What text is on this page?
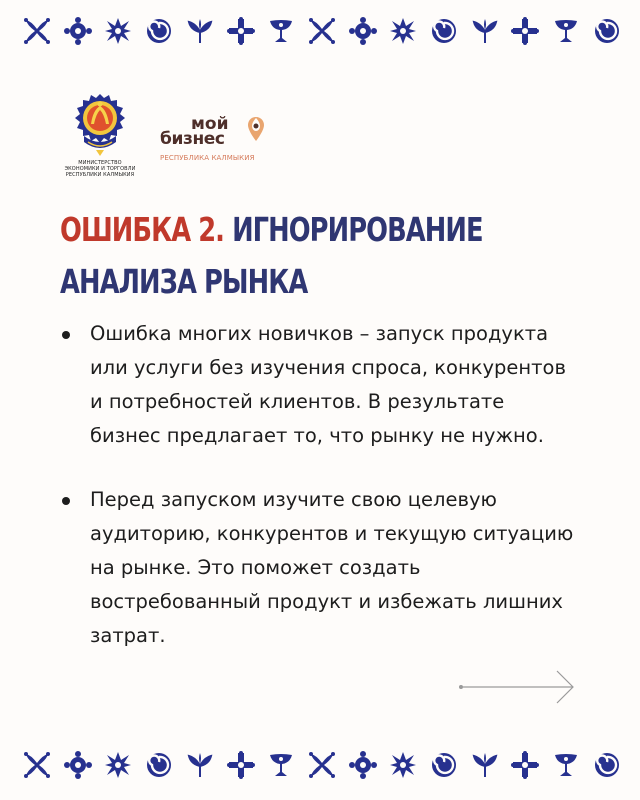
МИНИСТЕРСТВО
ЭКОНОМИКИ И ТОРГОВЛИ
РЕСПУБЛИКИ КАЛМЫКИЯ
мой
бизнес
РЕСПУБЛИКА КАЛМЫКИЯ
ОШИБКА 2. ИГНОРИРОВАНИЕ
АНАЛИЗА РЫНКА
Ошибка многих новичков – запуск продукта или услуги без изучения спроса, конкурентов и потребностей клиентов. В результате бизнес предлагает то, что рынку не нужно.
Перед запуском изучите свою целевую аудиторию, конкурентов и текущую ситуацию на рынке. Это поможет создать востребованный продукт и избежать лишних затрат.
